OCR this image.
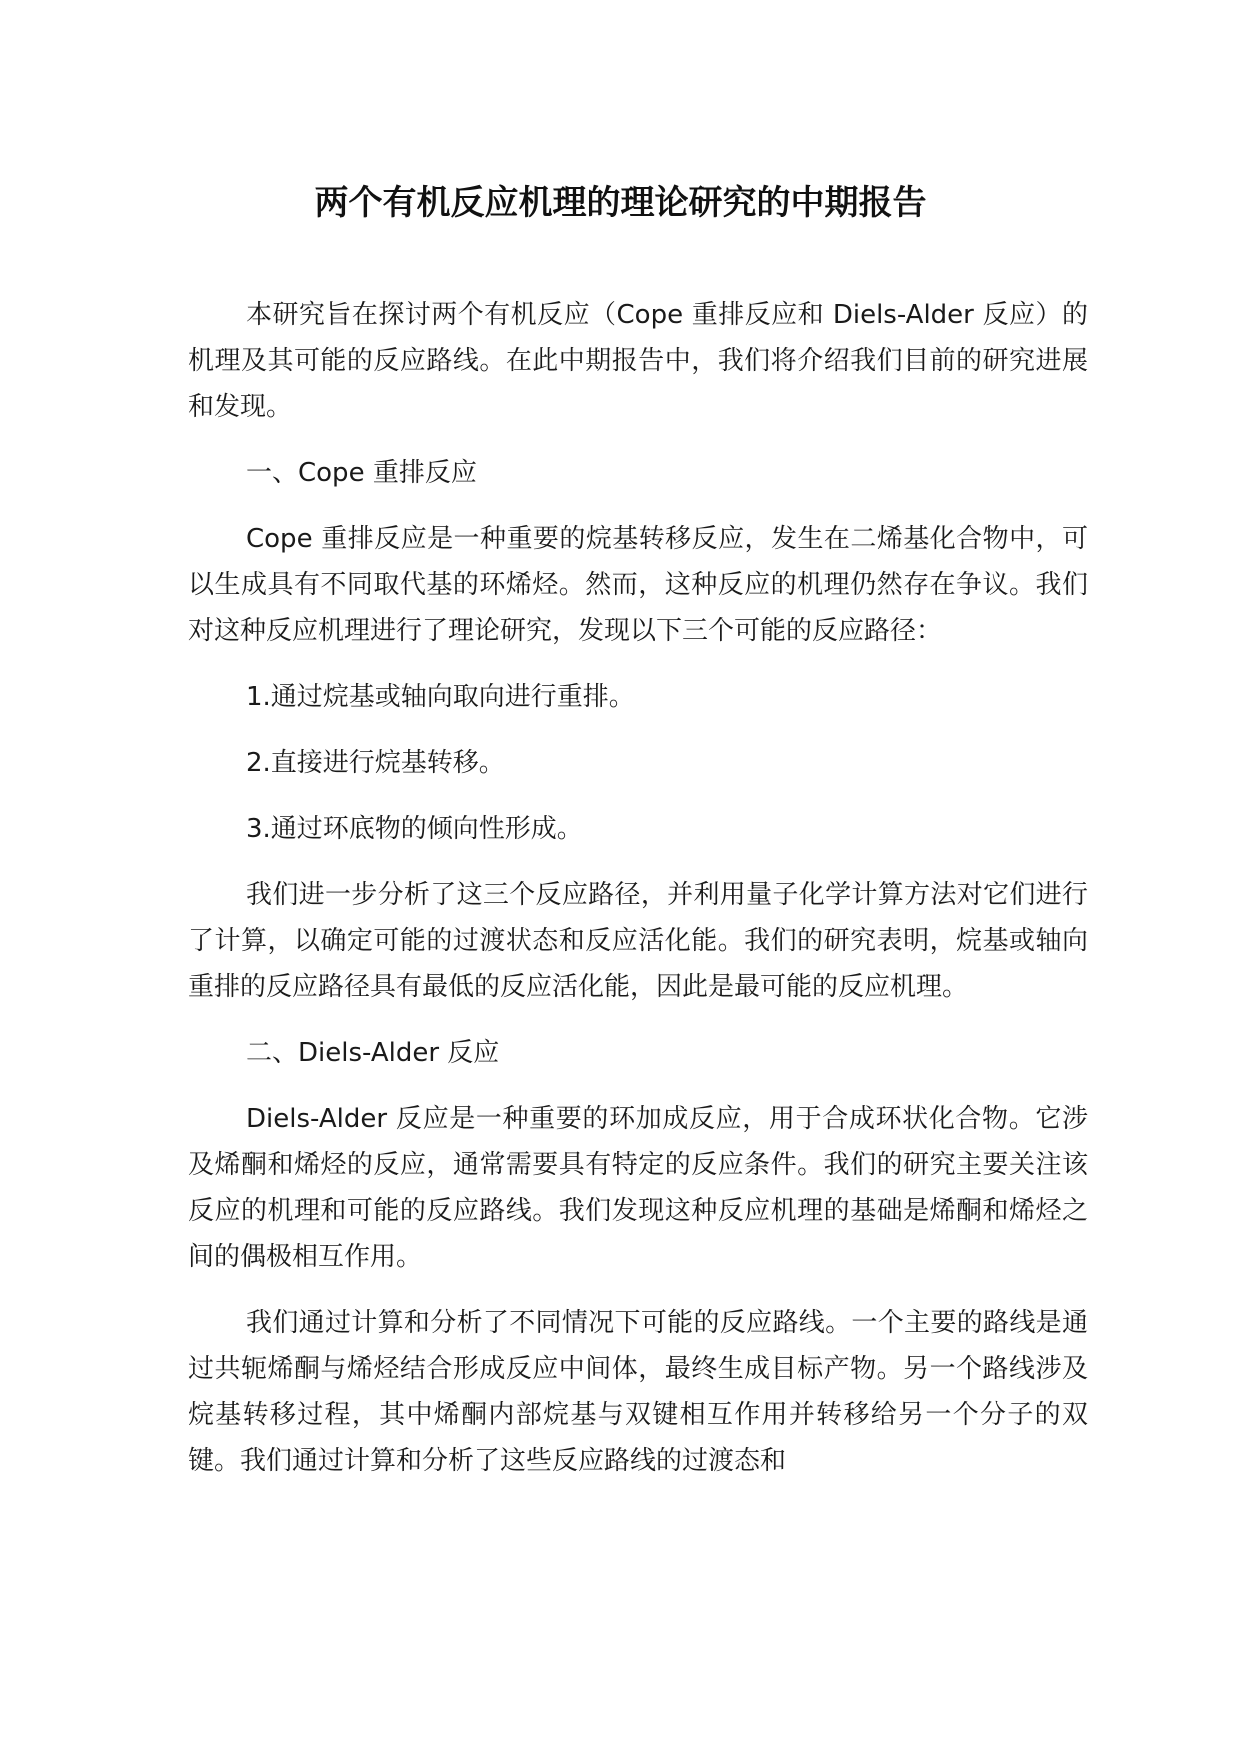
两个有机反应机理的理论研究的中期报告

本研究旨在探讨两个有机反应（Cope 重排反应和 Diels-Alder 反应）的机理及其可能的反应路线。在此中期报告中，我们将介绍我们目前的研究进展和发现。

一、Cope 重排反应

Cope 重排反应是一种重要的烷基转移反应，发生在二烯基化合物中，可以生成具有不同取代基的环烯烃。然而，这种反应的机理仍然存在争议。我们对这种反应机理进行了理论研究，发现以下三个可能的反应路径：

1.通过烷基或轴向取向进行重排。

2.直接进行烷基转移。

3.通过环底物的倾向性形成。

我们进一步分析了这三个反应路径，并利用量子化学计算方法对它们进行了计算，以确定可能的过渡状态和反应活化能。我们的研究表明，烷基或轴向重排的反应路径具有最低的反应活化能，因此是最可能的反应机理。

二、Diels-Alder 反应

Diels-Alder 反应是一种重要的环加成反应，用于合成环状化合物。它涉及烯酮和烯烃的反应，通常需要具有特定的反应条件。我们的研究主要关注该反应的机理和可能的反应路线。我们发现这种反应机理的基础是烯酮和烯烃之间的偶极相互作用。

我们通过计算和分析了不同情况下可能的反应路线。一个主要的路线是通过共轭烯酮与烯烃结合形成反应中间体，最终生成目标产物。另一个路线涉及烷基转移过程，其中烯酮内部烷基与双键相互作用并转移给另一个分子的双键。我们通过计算和分析了这些反应路线的过渡态和
